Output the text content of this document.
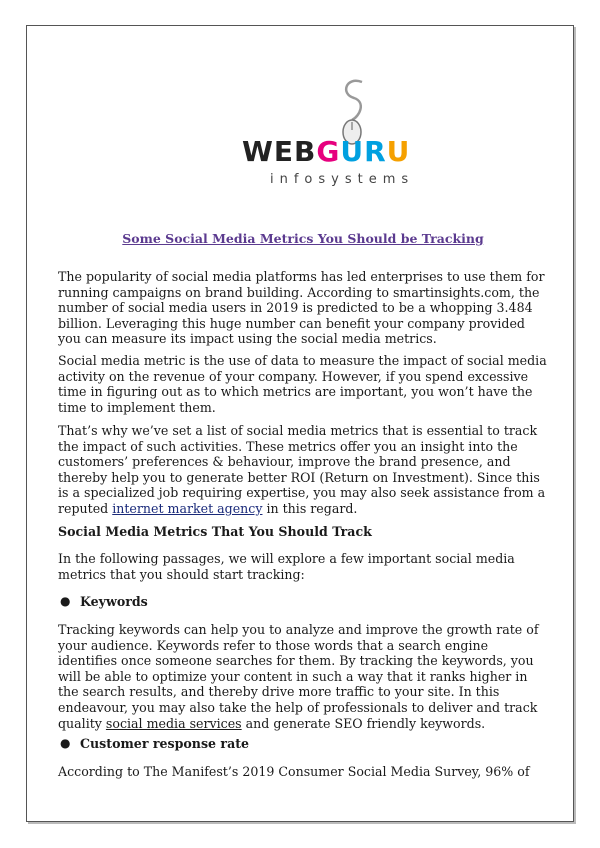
WEBGURU
infosystems
Some Social Media Metrics You Should be Tracking

The popularity of social media platforms has led enterprises to use them for running campaigns on brand building. According to smartinsights.com, the number of social media users in 2019 is predicted to be a whopping 3.484 billion. Leveraging this huge number can benefit your company provided you can measure its impact using the social media metrics.

Social media metric is the use of data to measure the impact of social media activity on the revenue of your company. However, if you spend excessive time in figuring out as to which metrics are important, you won’t have the time to implement them.

That’s why we’ve set a list of social media metrics that is essential to track the impact of such activities. These metrics offer you an insight into the customers’ preferences & behaviour, improve the brand presence, and thereby help you to generate better ROI (Return on Investment). Since this is a specialized job requiring expertise, you may also seek assistance from a reputed internet market agency in this regard.

Social Media Metrics That You Should Track

In the following passages, we will explore a few important social media metrics that you should start tracking:

● Keywords

Tracking keywords can help you to analyze and improve the growth rate of your audience. Keywords refer to those words that a search engine identifies once someone searches for them. By tracking the keywords, you will be able to optimize your content in such a way that it ranks higher in the search results, and thereby drive more traffic to your site. In this endeavour, you may also take the help of professionals to deliver and track quality social media services and generate SEO friendly keywords.

● Customer response rate

According to The Manifest’s 2019 Consumer Social Media Survey, 96% of
